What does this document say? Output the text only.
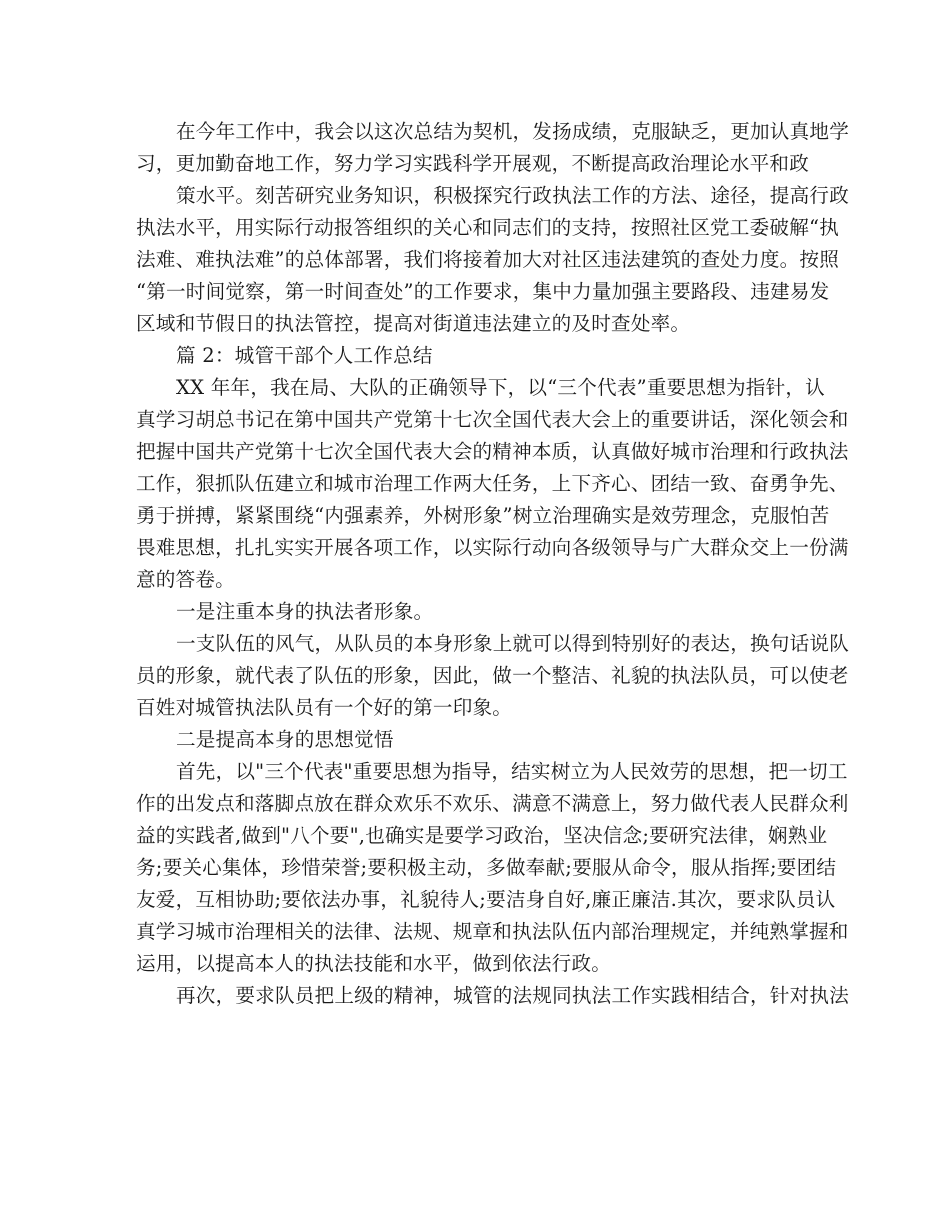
在今年工作中，我会以这次总结为契机，发扬成绩，克服缺乏，更加认真地学
习，更加勤奋地工作，努力学习实践科学开展观，不断提高政治理论水平和政
策水平。刻苦研究业务知识，积极探究行政执法工作的方法、途径，提高行政
执法水平，用实际行动报答组织的关心和同志们的支持，按照社区党工委破解“执
法难、难执法难”的总体部署，我们将接着加大对社区违法建筑的查处力度。按照
“第一时间觉察，第一时间查处”的工作要求，集中力量加强主要路段、违建易发
区域和节假日的执法管控，提高对街道违法建立的及时查处率。
篇 2：城管干部个人工作总结
XX 年年，我在局、大队的正确领导下，以“三个代表”重要思想为指针，认
真学习胡总书记在第中国共产党第十七次全国代表大会上的重要讲话，深化领会和
把握中国共产党第十七次全国代表大会的精神本质，认真做好城市治理和行政执法
工作，狠抓队伍建立和城市治理工作两大任务，上下齐心、团结一致、奋勇争先、
勇于拼搏，紧紧围绕“内强素养，外树形象”树立治理确实是效劳理念，克服怕苦
畏难思想，扎扎实实开展各项工作，以实际行动向各级领导与广大群众交上一份满
意的答卷。
一是注重本身的执法者形象。
一支队伍的风气，从队员的本身形象上就可以得到特别好的表达，换句话说队
员的形象，就代表了队伍的形象，因此，做一个整洁、礼貌的执法队员，可以使老
百姓对城管执法队员有一个好的第一印象。
二是提高本身的思想觉悟
首先，以"三个代表"重要思想为指导，结实树立为人民效劳的思想，把一切工
作的出发点和落脚点放在群众欢乐不欢乐、满意不满意上，努力做代表人民群众利
益的实践者,做到"八个要",也确实是要学习政治，坚决信念;要研究法律，娴熟业
务;要关心集体，珍惜荣誉;要积极主动，多做奉献;要服从命令，服从指挥;要团结
友爱，互相协助;要依法办事，礼貌待人;要洁身自好,廉正廉洁.其次，要求队员认
真学习城市治理相关的法律、法规、规章和执法队伍内部治理规定，并纯熟掌握和
运用，以提高本人的执法技能和水平，做到依法行政。
再次，要求队员把上级的精神，城管的法规同执法工作实践相结合，针对执法
